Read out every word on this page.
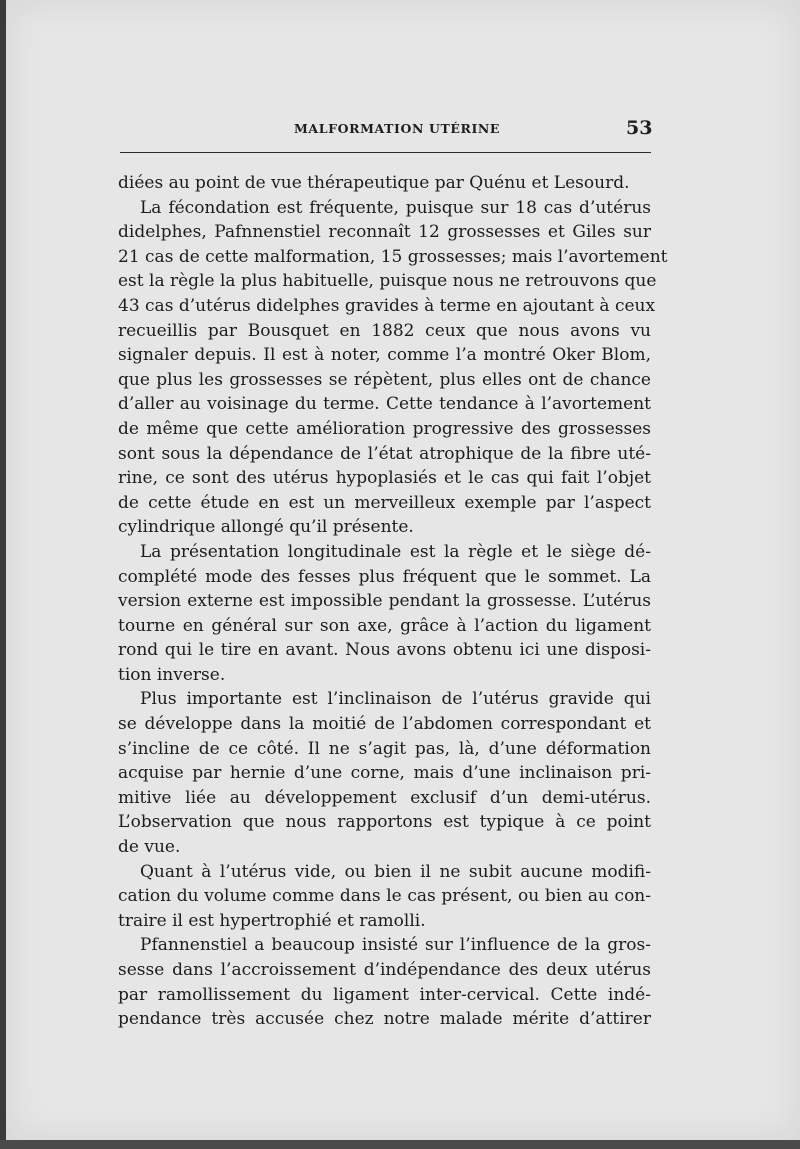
MALFORMATION UTÉRINE	53
diées au point de vue thérapeutique par Quénu et Lesourd.
La fécondation est fréquente, puisque sur 18 cas d’utérus
didelphes, Pafnnenstiel reconnaît 12 grossesses et Giles sur
21 cas de cette malformation, 15 grossesses; mais l’avortement
est la règle la plus habituelle, puisque nous ne retrouvons que
43 cas d’utérus didelphes gravides à terme en ajoutant à ceux
recueillis par Bousquet en 1882 ceux que nous avons vu
signaler depuis. Il est à noter, comme l’a montré Oker Blom,
que plus les grossesses se répètent, plus elles ont de chance
d’aller au voisinage du terme. Cette tendance à l’avortement
de même que cette amélioration progressive des grossesses
sont sous la dépendance de l’état atrophique de la fibre uté-
rine, ce sont des utérus hypoplasiés et le cas qui fait l’objet
de cette étude en est un merveilleux exemple par l’aspect
cylindrique allongé qu’il présente.
La présentation longitudinale est la règle et le siège dé-
complété mode des fesses plus fréquent que le sommet. La
version externe est impossible pendant la grossesse. L’utérus
tourne en général sur son axe, grâce à l’action du ligament
rond qui le tire en avant. Nous avons obtenu ici une disposi-
tion inverse.
Plus importante est l’inclinaison de l’utérus gravide qui
se développe dans la moitié de l’abdomen correspondant et
s’incline de ce côté. Il ne s’agit pas, là, d’une déformation
acquise par hernie d’une corne, mais d’une inclinaison pri-
mitive liée au développement exclusif d’un demi-utérus.
L’observation que nous rapportons est typique à ce point
de vue.
Quant à l’utérus vide, ou bien il ne subit aucune modifi-
cation du volume comme dans le cas présent, ou bien au con-
traire il est hypertrophié et ramolli.
Pfannenstiel a beaucoup insisté sur l’influence de la gros-
sesse dans l’accroissement d’indépendance des deux utérus
par ramollissement du ligament inter-cervical. Cette indé-
pendance très accusée chez notre malade mérite d’attirer
